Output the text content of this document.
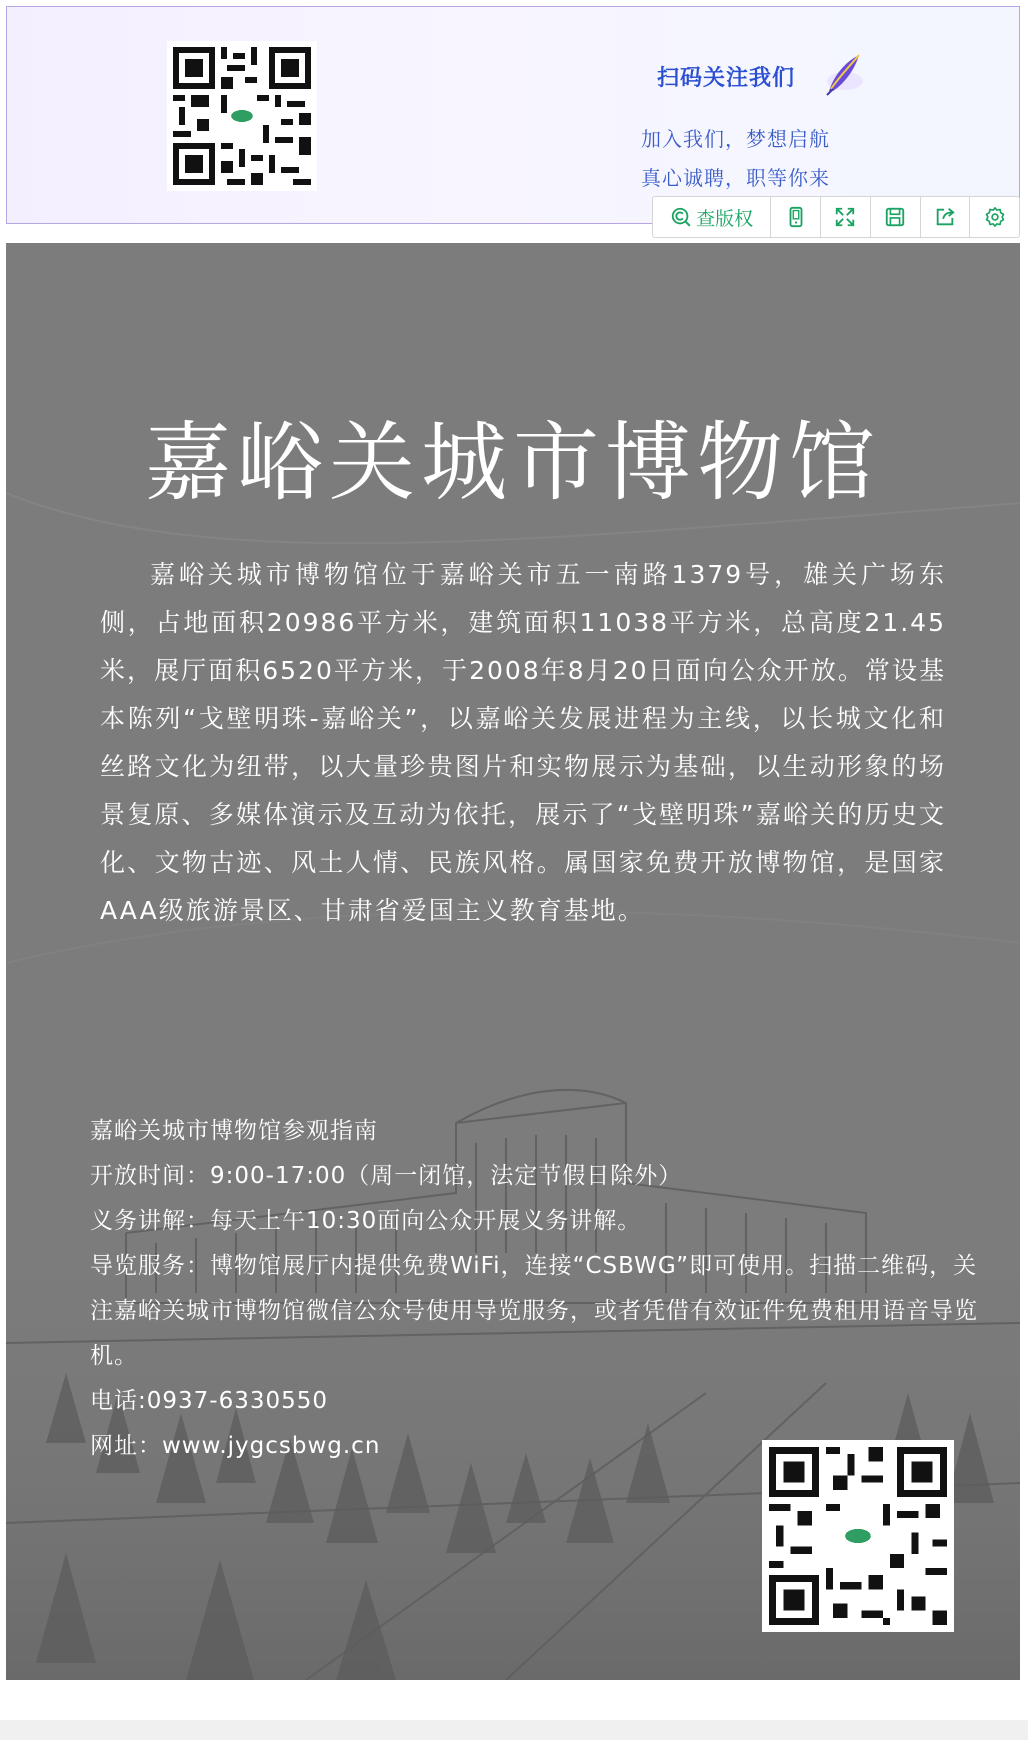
扫码关注我们
加入我们，梦想启航
真心诚聘，职等你来
查版权
嘉峪关城市博物馆

嘉峪关城市博物馆位于嘉峪关市五一南路1379号，雄关广场东侧，占地面积20986平方米，建筑面积11038平方米，总高度21.45米，展厅面积6520平方米，于2008年8月20日面向公众开放。常设基本陈列“戈壁明珠-嘉峪关”，以嘉峪关发展进程为主线，以长城文化和丝路文化为纽带，以大量珍贵图片和实物展示为基础，以生动形象的场景复原、多媒体演示及互动为依托，展示了“戈壁明珠”嘉峪关的历史文化、文物古迹、风土人情、民族风格。属国家免费开放博物馆，是国家AAA级旅游景区、甘肃省爱国主义教育基地。

嘉峪关城市博物馆参观指南

开放时间：9:00-17:00（周一闭馆，法定节假日除外）

义务讲解：每天上午10:30面向公众开展义务讲解。

导览服务：博物馆展厅内提供免费WiFi，连接“CSBWG”即可使用。扫描二维码，关注嘉峪关城市博物馆微信公众号使用导览服务，或者凭借有效证件免费租用语音导览机。

电话:0937-6330550

网址：www.jygcsbwg.cn
